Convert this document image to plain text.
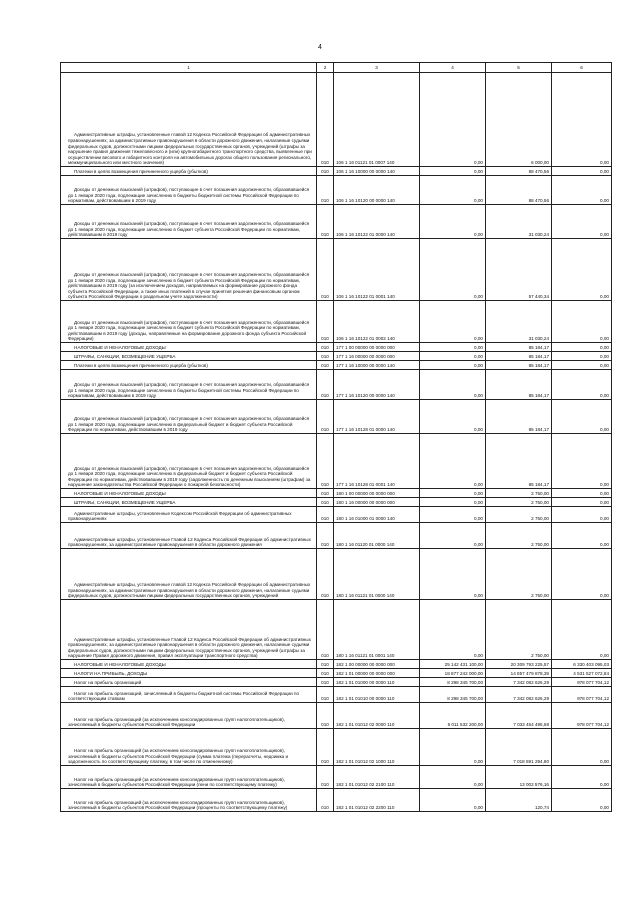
4
1	2	3	4	5	6

Административные штрафы, установленные главой 12 Кодекса Российской Федерации об административных правонарушениях, за административные правонарушения в области дорожного движения, налагаемые судьями федеральных судов, должностными лицами федеральных государственных органов, учреждений (штрафы за нарушение правил движения тяжеловесного и (или) крупногабаритного транспортного средства, выявленные при осуществлении весового и габаритного контроля на автомобильных дорогах общего пользования регионального, межмуниципального или местного значения)	010	106 1 16 01121 01 0007 140	0,00	6 000,00	0,00

Платежи в целях возмещения причиненного ущерба (убытков)	010	106 1 16 10000 00 0000 140	0,00	88 470,56	0,00

Доходы от денежных взысканий (штрафов), поступающие в счет погашения задолженности, образовавшейся до 1 января 2020 года, подлежащие зачислению в бюджеты бюджетной системы Российской Федерации по нормативам, действовавшим в 2019 году	010	106 1 16 10120 00 0000 140	0,00	88 470,56	0,00

Доходы от денежных взысканий (штрафов), поступающие в счет погашения задолженности, образовавшейся до 1 января 2020 года, подлежащие зачислению в бюджет субъекта Российской Федерации по нормативам, действовавшим в 2019 году	010	106 1 16 10122 01 0000 140	0,00	31 030,24	0,00

Доходы от денежных взысканий (штрафов), поступающие в счет погашения задолженности, образовавшейся до 1 января 2020 года, подлежащие зачислению в бюджет субъекта Российской Федерации по нормативам, действовавшим в 2019 году (за исключением доходов, направляемых на формирование дорожного фонда субъекта Российской Федерации, а также иных платежей в случае принятия решения финансовым органом субъекта Российской Федерации о раздельном учете задолженности)	010	106 1 16 10122 01 0001 140	0,00	57 440,34	0,00

Доходы от денежных взысканий (штрафов), поступающие в счет погашения задолженности, образовавшейся до 1 января 2020 года, подлежащие зачислению в бюджет субъекта Российской Федерации по нормативам, действовавшим в 2019 году (доходы, направляемые на формирование дорожного фонда субъекта Российской Федерации)	010	106 1 16 10122 01 0002 140	0,00	31 030,24	0,00

НАЛОГОВЫЕ И НЕНАЛОГОВЫЕ ДОХОДЫ	010	177 1 00 00000 00 0000 000	0,00	85 184,17	0,00

ШТРАФЫ, САНКЦИИ, ВОЗМЕЩЕНИЕ УЩЕРБА	010	177 1 16 00000 00 0000 000	0,00	85 184,17	0,00

Платежи в целях возмещения причиненного ущерба (убытков)	010	177 1 16 10000 00 0000 140	0,00	85 184,17	0,00

Доходы от денежных взысканий (штрафов), поступающие в счет погашения задолженности, образовавшейся до 1 января 2020 года, подлежащие зачислению в бюджеты бюджетной системы Российской Федерации по нормативам, действовавшим в 2019 году	010	177 1 16 10120 00 0000 140	0,00	85 184,17	0,00

Доходы от денежных взысканий (штрафов), поступающие в счет погашения задолженности, образовавшейся до 1 января 2020 года, подлежащие зачислению в федеральный бюджет и бюджет субъекта Российской Федерации по нормативам, действовавшим в 2019 году	010	177 1 16 10128 01 0000 140	0,00	85 184,17	0,00

Доходы от денежных взысканий (штрафов), поступающие в счет погашения задолженности, образовавшейся до 1 января 2020 года, подлежащие зачислению в федеральный бюджет и бюджет субъекта Российской Федерации по нормативам, действовавшим в 2019 году (задолженность по денежным взысканиям (штрафам) за нарушение законодательства Российской Федерации о пожарной безопасности)	010	177 1 16 10128 01 0001 140	0,00	85 184,17	0,00

НАЛОГОВЫЕ И НЕНАЛОГОВЫЕ ДОХОДЫ	010	180 1 00 00000 00 0000 000	0,00	2 750,00	0,00

ШТРАФЫ, САНКЦИИ, ВОЗМЕЩЕНИЕ УЩЕРБА	010	180 1 16 00000 00 0000 000	0,00	2 750,00	0,00

Административные штрафы, установленные Кодексом Российской Федерации об административных правонарушениях	010	180 1 16 01000 01 0000 140	0,00	2 750,00	0,00

Административные штрафы, установленные Главой 12 Кодекса Российской Федерации об административных правонарушениях, за административные правонарушения в области дорожного движения	010	180 1 16 01120 01 0000 140	0,00	2 750,00	0,00

Административные штрафы, установленные главой 12 Кодекса Российской Федерации об административных правонарушениях, за административные правонарушения в области дорожного движения, налагаемые судьями федеральных судов, должностными лицами федеральных государственных органов, учреждений	010	180 1 16 01121 01 0000 140	0,00	2 750,00	0,00

Административные штрафы, установленные Главой 12 Кодекса Российской Федерации об административных правонарушениях, за административные правонарушения в области дорожного движения, налагаемые судьями федеральных судов, должностными лицами федеральных государственных органов, учреждений (штрафы за нарушение Правил дорожного движения, правил эксплуатации транспортного средства)	010	180 1 16 01121 01 0001 140	0,00	2 750,00	0,00

НАЛОГОВЫЕ И НЕНАЛОГОВЫЕ ДОХОДЫ	010	182 1 00 00000 00 0000 000	25 142 431 100,00	20 309 793 225,57	6 330 403 095,03

НАЛОГИ НА ПРИБЫЛЬ, ДОХОДЫ	010	182 1 01 00000 00 0000 000	18 877 242 000,00	14 857 479 878,39	4 531 527 072,84

Налог на прибыль организаций	010	182 1 01 01000 00 0000 110	8 298 345 700,00	7 342 082 626,29	978 077 704,12

Налог на прибыль организаций, зачисляемый в бюджеты бюджетной системы Российской Федерации по соответствующим ставкам	010	182 1 01 01010 00 0000 110	8 298 345 700,00	7 342 082 626,29	978 077 704,12

Налог на прибыль организаций (за исключением консолидированных групп налогоплательщиков), зачисляемый в бюджеты субъектов Российской Федерации	010	182 1 01 01012 02 0000 110	6 011 532 200,00	7 033 454 495,58	978 077 704,12

Налог на прибыль организаций (за исключением консолидированных групп налогоплательщиков), зачисляемый в бюджеты субъектов Российской Федерации (сумма платежа (перерасчеты, недоимка и задолженность по соответствующему платежу, в том числе по отмененному)	010	182 1 01 01012 02 1000 110	0,00	7 018 591 294,80	0,00

Налог на прибыль организаций (за исключением консолидированных групп налогоплательщиков), зачисляемый в бюджеты субъектов Российской Федерации (пени по соответствующему платежу)	010	182 1 01 01012 02 2100 110	0,00	13 002 576,16	0,00

Налог на прибыль организаций (за исключением консолидированных групп налогоплательщиков), зачисляемый в бюджеты субъектов Российской Федерации (проценты по соответствующему платежу)	010	182 1 01 01012 02 2200 110	0,00	120,74	0,00
